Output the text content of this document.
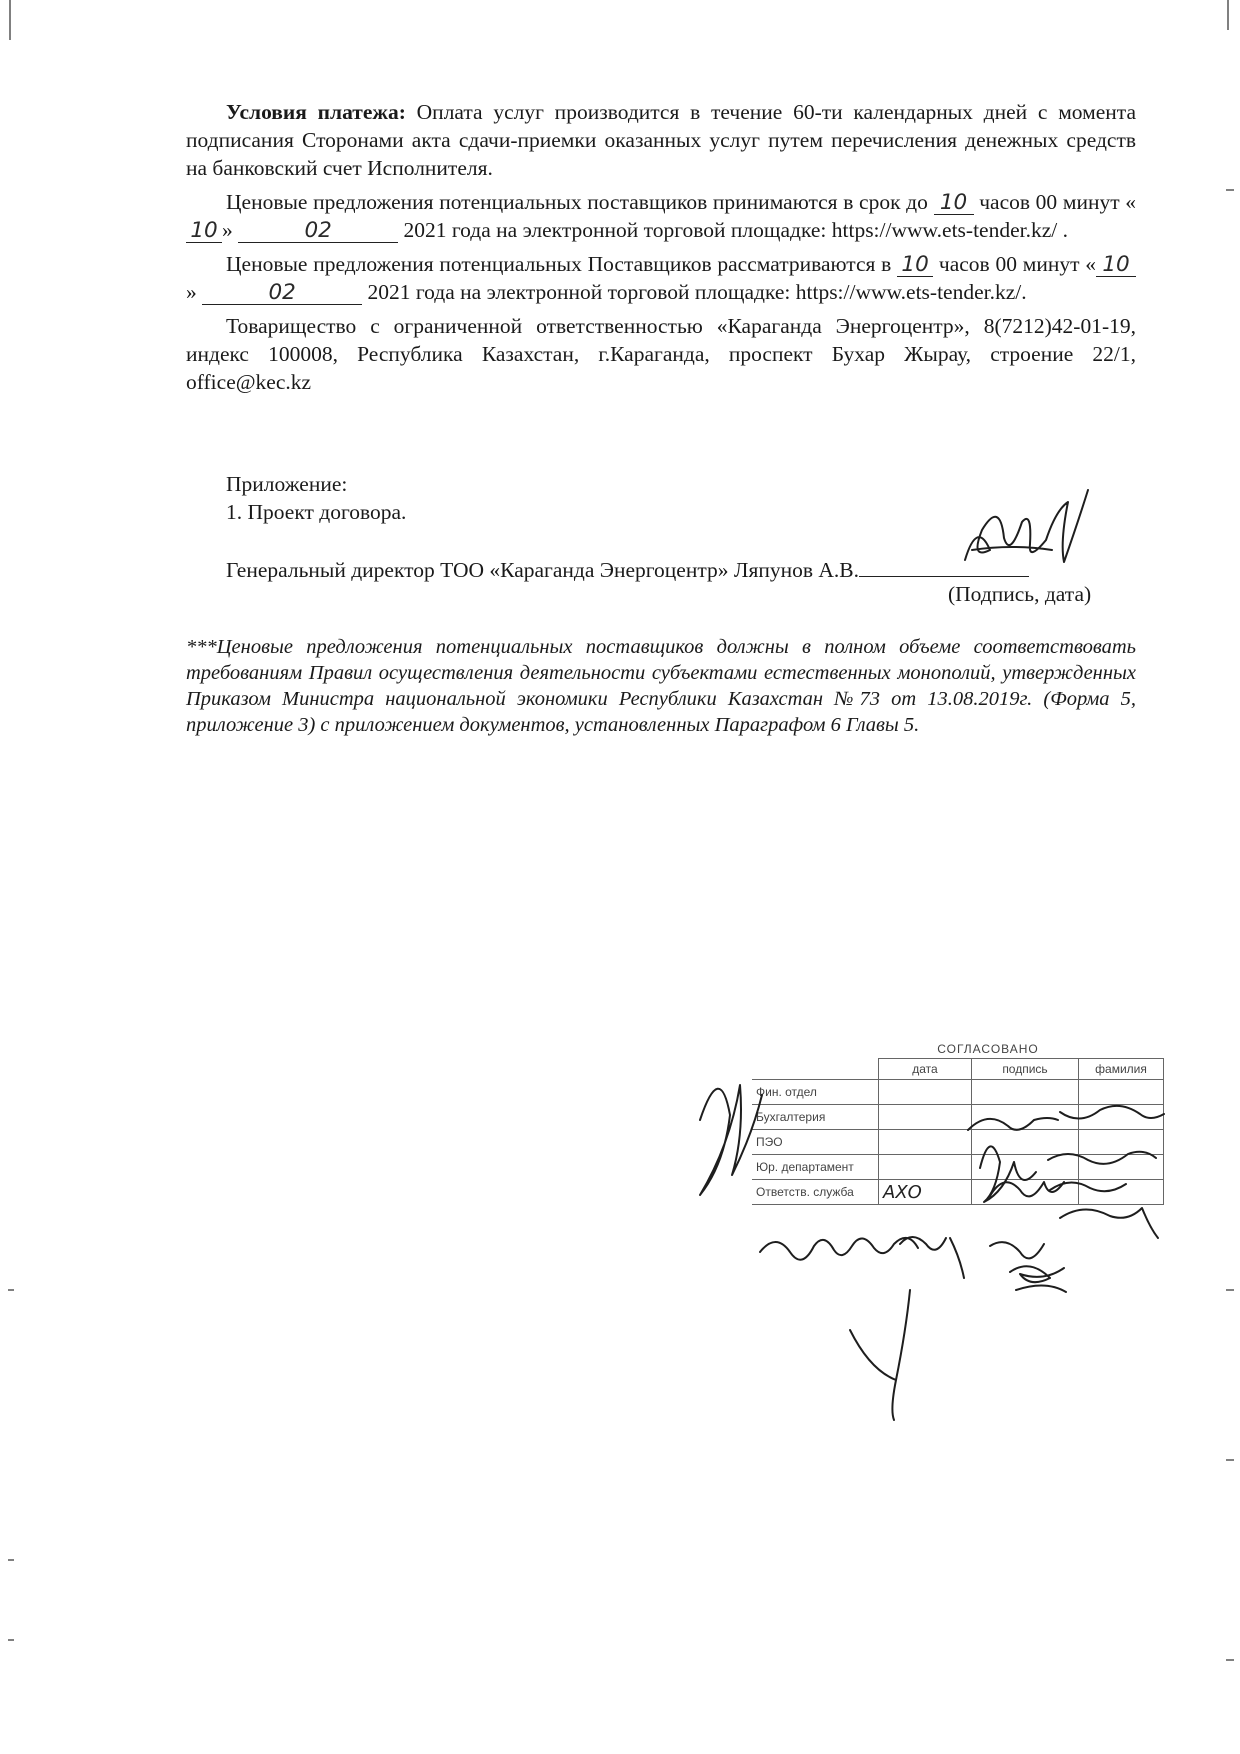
Условия платежа: Оплата услуг производится в течение 60-ти календарных дней с момента подписания Сторонами акта сдачи-приемки оказанных услуг путем перечисления денежных средств на банковский счет Исполнителя.

Ценовые предложения потенциальных поставщиков принимаются в срок до 10 часов 00 минут «10 »	02	2021 года на электронной торговой площадке: https://www.ets-tender.kz/ .

Ценовые предложения потенциальных Поставщиков рассматриваются в 10 часов 00 минут « 10»	02	2021 года на электронной торговой площадке: https://www.ets-tender.kz/.

Товарищество с ограниченной ответственностью «Караганда Энергоцентр», 8(7212)42-01-19, индекс 100008, Республика Казахстан, г.Караганда, проспект Бухар Жырау, строение 22/1, office@kec.kz

Приложение:
1. Проект договора.
Генеральный директор ТОО «Караганда Энергоцентр» Ляпунов А.В.
(Подпись, дата)
***Ценовые предложения потенциальных поставщиков должны в полном объеме соответствовать требованиям Правил осуществления деятельности субъектами естественных монополий, утвержденных Приказом Министра национальной экономики Республики Казахстан №73 от 13.08.2019г. (Форма 5, приложение 3) с приложением документов, установленных Параграфом 6 Главы 5.
СОГЛАСОВАНО
	дата	подпись	фамилия
Фин. отдел			
Бухгалтерия			
ПЭО			
Юр. департамент			
Ответств. служба	АХО		
